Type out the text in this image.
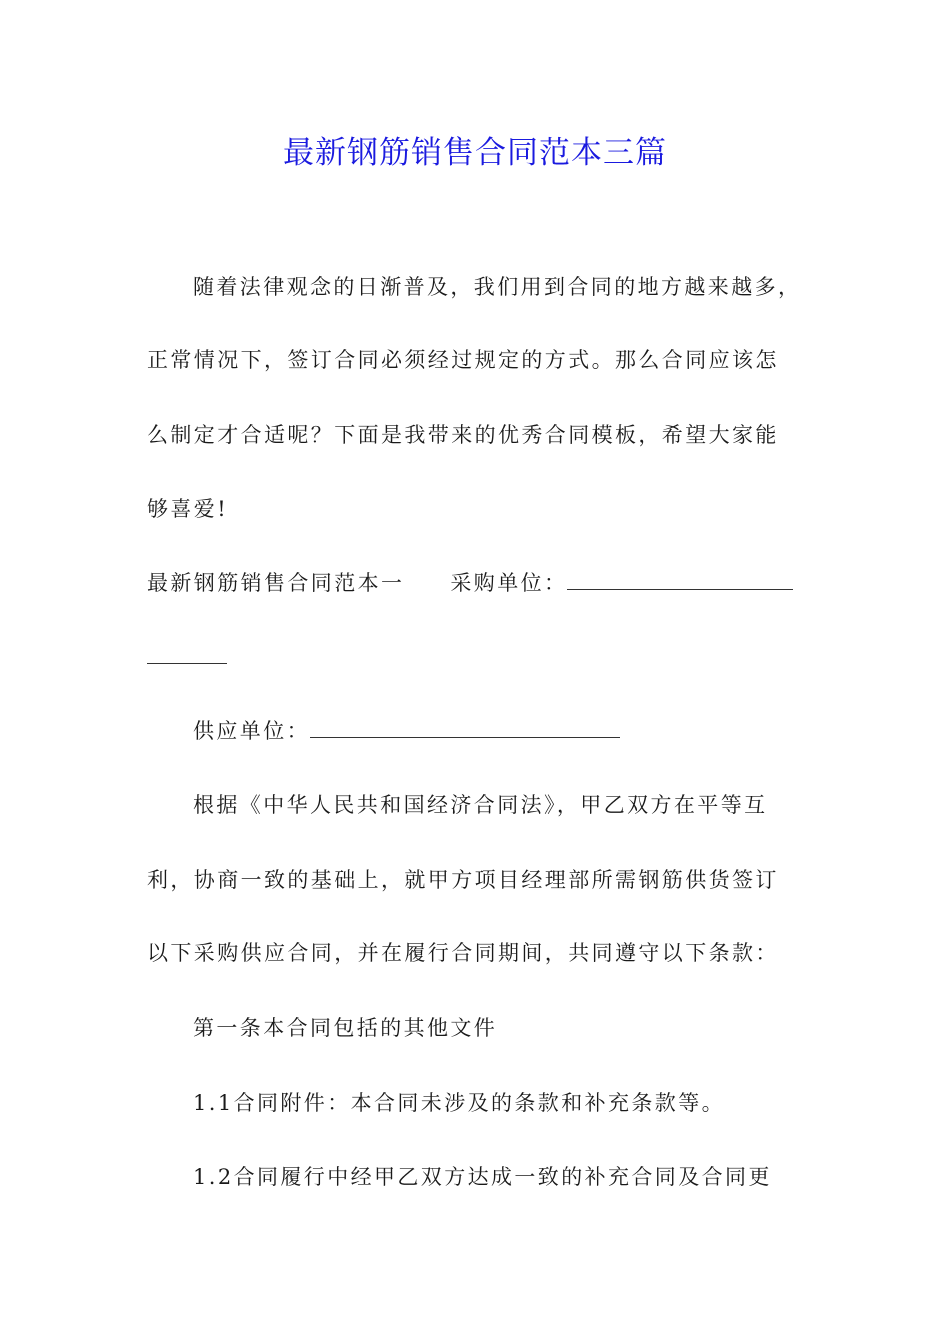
最新钢筋销售合同范本三篇
随着法律观念的日渐普及，我们用到合同的地方越来越多，
正常情况下，签订合同必须经过规定的方式。那么合同应该怎
么制定才合适呢？下面是我带来的优秀合同模板，希望大家能
够喜爱!
最新钢筋销售合同范本一 采购单位：
供应单位：
根据《中华人民共和国经济合同法》，甲乙双方在平等互
利，协商一致的基础上，就甲方项目经理部所需钢筋供货签订
以下采购供应合同，并在履行合同期间，共同遵守以下条款：
第一条本合同包括的其他文件
1.1合同附件：本合同未涉及的条款和补充条款等。
1.2合同履行中经甲乙双方达成一致的补充合同及合同更
